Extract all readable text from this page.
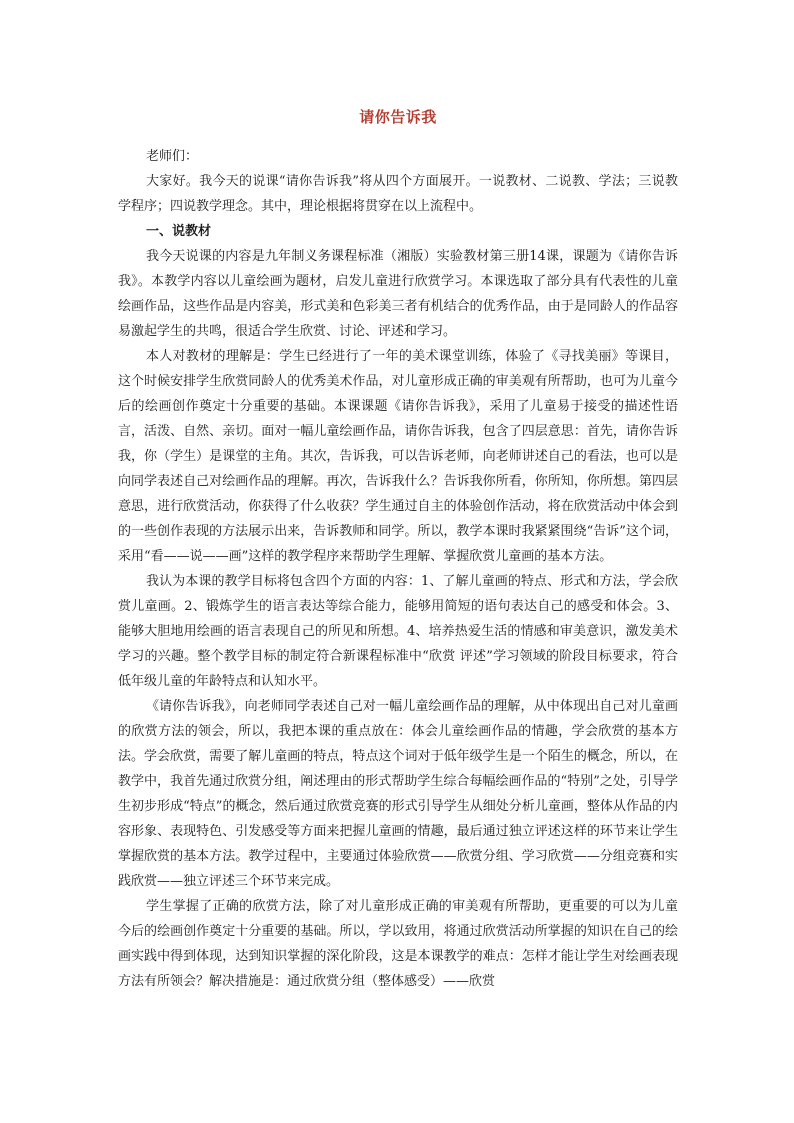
请你告诉我

老师们：

大家好。我今天的说课“请你告诉我”将从四个方面展开。一说教材、二说教、学法；三说教学程序；四说教学理念。其中，理论根据将贯穿在以上流程中。

一、说教材

我今天说课的内容是九年制义务课程标准（湘版）实验教材第三册14课，课题为《请你告诉我》。本教学内容以儿童绘画为题材，启发儿童进行欣赏学习。本课选取了部分具有代表性的儿童绘画作品，这些作品是内容美，形式美和色彩美三者有机结合的优秀作品，由于是同龄人的作品容易激起学生的共鸣，很适合学生欣赏、讨论、评述和学习。

本人对教材的理解是：学生已经进行了一年的美术课堂训练，体验了《寻找美丽》等课目，这个时候安排学生欣赏同龄人的优秀美术作品，对儿童形成正确的审美观有所帮助，也可为儿童今后的绘画创作奠定十分重要的基础。本课课题《请你告诉我》，采用了儿童易于接受的描述性语言，活泼、自然、亲切。面对一幅儿童绘画作品，请你告诉我，包含了四层意思：首先，请你告诉我，你（学生）是课堂的主角。其次，告诉我，可以告诉老师，向老师讲述自己的看法，也可以是向同学表述自己对绘画作品的理解。再次，告诉我什么？告诉我你所看，你所知，你所想。第四层意思，进行欣赏活动，你获得了什么收获？学生通过自主的体验创作活动，将在欣赏活动中体会到的一些创作表现的方法展示出来，告诉教师和同学。所以，教学本课时我紧紧围绕“告诉”这个词，采用“看——说——画”这样的教学程序来帮助学生理解、掌握欣赏儿童画的基本方法。

我认为本课的教学目标将包含四个方面的内容：1、了解儿童画的特点、形式和方法，学会欣赏儿童画。2、锻炼学生的语言表达等综合能力，能够用简短的语句表达自己的感受和体会。3、能够大胆地用绘画的语言表现自己的所见和所想。4、培养热爱生活的情感和审美意识，激发美术学习的兴趣。整个教学目标的制定符合新课程标准中“欣赏 评述”学习领域的阶段目标要求，符合低年级儿童的年龄特点和认知水平。

《请你告诉我》，向老师同学表述自己对一幅儿童绘画作品的理解，从中体现出自己对儿童画的欣赏方法的领会，所以，我把本课的重点放在：体会儿童绘画作品的情趣，学会欣赏的基本方法。学会欣赏，需要了解儿童画的特点，特点这个词对于低年级学生是一个陌生的概念，所以，在教学中，我首先通过欣赏分组，阐述理由的形式帮助学生综合每幅绘画作品的“特别”之处，引导学生初步形成“特点”的概念，然后通过欣赏竞赛的形式引导学生从细处分析儿童画，整体从作品的内容形象、表现特色、引发感受等方面来把握儿童画的情趣，最后通过独立评述这样的环节来让学生掌握欣赏的基本方法。教学过程中，主要通过体验欣赏——欣赏分组、学习欣赏——分组竞赛和实践欣赏——独立评述三个环节来完成。

学生掌握了正确的欣赏方法，除了对儿童形成正确的审美观有所帮助，更重要的可以为儿童今后的绘画创作奠定十分重要的基础。所以，学以致用，将通过欣赏活动所掌握的知识在自己的绘画实践中得到体现，达到知识掌握的深化阶段，这是本课教学的难点：怎样才能让学生对绘画表现方法有所领会？解决措施是：通过欣赏分组（整体感受）——欣赏
